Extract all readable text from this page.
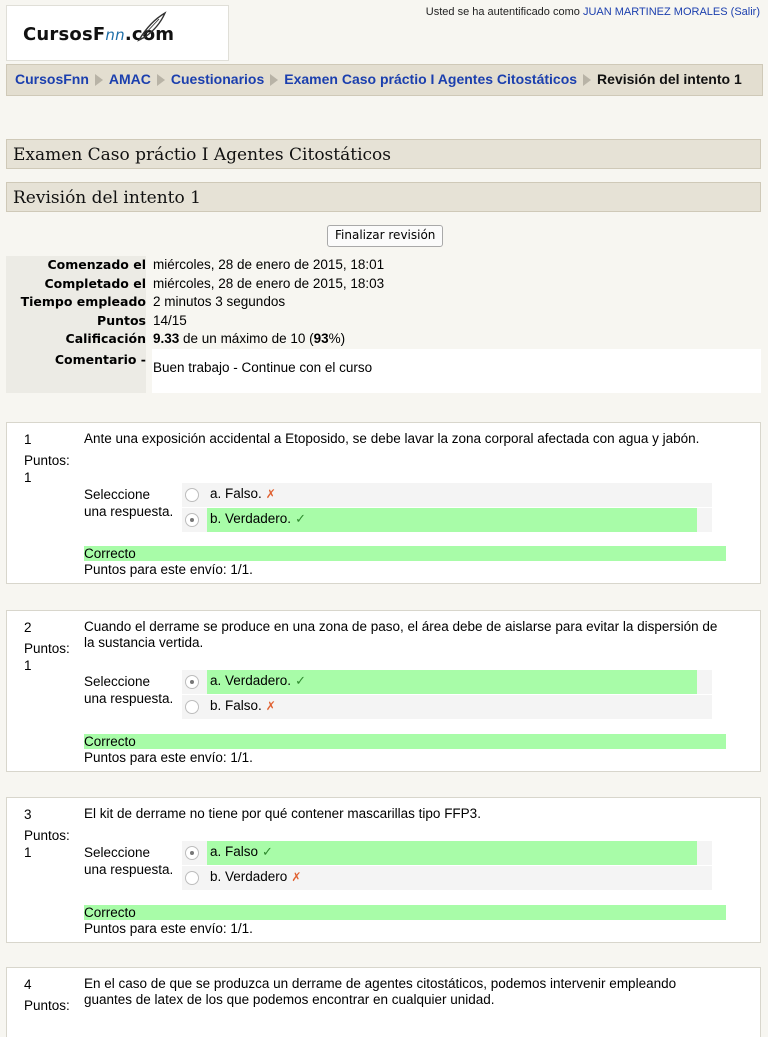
CursosFnn.com
Usted se ha autentificado como JUAN MARTINEZ MORALES (Salir)
CursosFnn AMAC Cuestionarios Examen Caso práctio I Agentes Citostáticos Revisión del intento 1
Examen Caso práctio I Agentes Citostáticos
Revisión del intento 1
Finalizar revisión
Comenzado el miércoles, 28 de enero de 2015, 18:01
Completado el miércoles, 28 de enero de 2015, 18:03
Tiempo empleado 2 minutos 3 segundos
Puntos 14/15
Calificación 9.33 de un máximo de 10 (93%)
Comentario -
Buen trabajo - Continue con el curso
1
Puntos:
1
Ante una exposición accidental a Etoposido, se debe lavar la zona corporal afectada con agua y jabón.
Seleccione
una respuesta.
a. Falso. ✗
b. Verdadero. ✓
Correcto
Puntos para este envío: 1/1.
2
Puntos:
1
Cuando el derrame se produce en una zona de paso, el área debe de aislarse para evitar la dispersión de la sustancia vertida.
Seleccione
una respuesta.
a. Verdadero. ✓
b. Falso. ✗
Correcto
Puntos para este envío: 1/1.
3
Puntos:
1
El kit de derrame no tiene por qué contener mascarillas tipo FFP3.
Seleccione
una respuesta.
a. Falso ✓
b. Verdadero ✗
Correcto
Puntos para este envío: 1/1.
4
Puntos:
En el caso de que se produzca un derrame de agentes citostáticos, podemos intervenir empleando guantes de latex de los que podemos encontrar en cualquier unidad.
